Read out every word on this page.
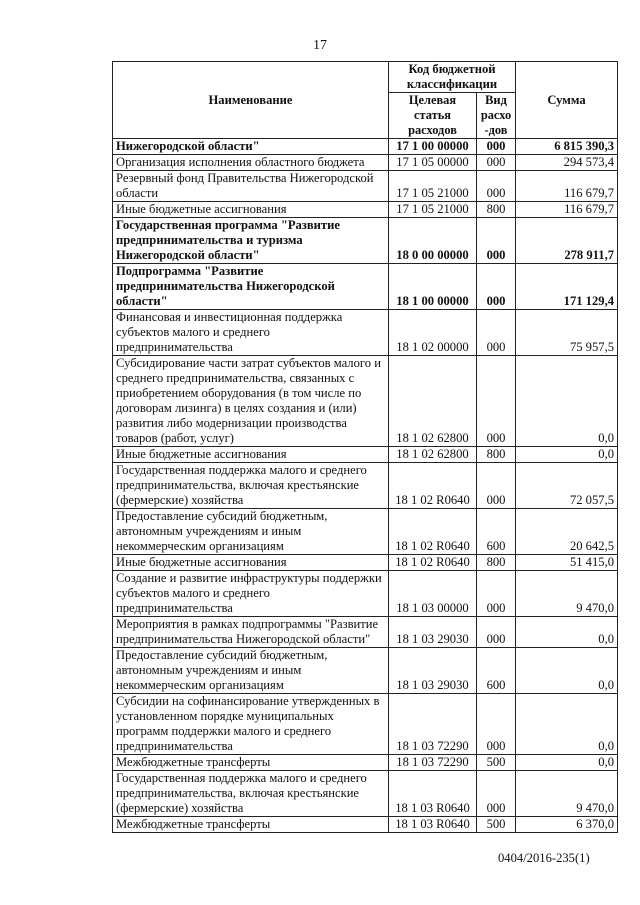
17
Наименование	Код бюджетной классификации		Сумма
	Целевая статья расходов	Вид расхо -дов	
Нижегородской области"	17 1 00 00000	000	6 815 390,3
Организация исполнения областного бюджета	17 1 05 00000	000	294 573,4
Резервный фонд Правительства Нижегородской области	17 1 05 21000	000	116 679,7
Иные бюджетные ассигнования	17 1 05 21000	800	116 679,7
Государственная программа "Развитие предпринимательства и туризма Нижегородской области"	18 0 00 00000	000	278 911,7
Подпрограмма "Развитие предпринимательства Нижегородской области"	18 1 00 00000	000	171 129,4
Финансовая и инвестиционная поддержка субъектов малого и среднего предпринимательства	18 1 02 00000	000	75 957,5
Субсидирование части затрат субъектов малого и среднего предпринимательства, связанных с приобретением оборудования (в том числе по договорам лизинга) в целях создания и (или) развития либо модернизации производства товаров (работ, услуг)	18 1 02 62800	000	0,0
Иные бюджетные ассигнования	18 1 02 62800	800	0,0
Государственная поддержка малого и среднего предпринимательства, включая крестьянские (фермерские) хозяйства	18 1 02 R0640	000	72 057,5
Предоставление субсидий бюджетным, автономным учреждениям и иным некоммерческим организациям	18 1 02 R0640	600	20 642,5
Иные бюджетные ассигнования	18 1 02 R0640	800	51 415,0
Создание и развитие инфраструктуры поддержки субъектов малого и среднего предпринимательства	18 1 03 00000	000	9 470,0
Мероприятия в рамках подпрограммы "Развитие предпринимательства Нижегородской области"	18 1 03 29030	000	0,0
Предоставление субсидий бюджетным, автономным учреждениям и иным некоммерческим организациям	18 1 03 29030	600	0,0
Субсидии на софинансирование утвержденных в установленном порядке муниципальных программ поддержки малого и среднего предпринимательства	18 1 03 72290	000	0,0
Межбюджетные трансферты	18 1 03 72290	500	0,0
Государственная поддержка малого и среднего предпринимательства, включая крестьянские (фермерские) хозяйства	18 1 03 R0640	000	9 470,0
Межбюджетные трансферты	18 1 03 R0640	500	6 370,0
0404/2016-235(1)
